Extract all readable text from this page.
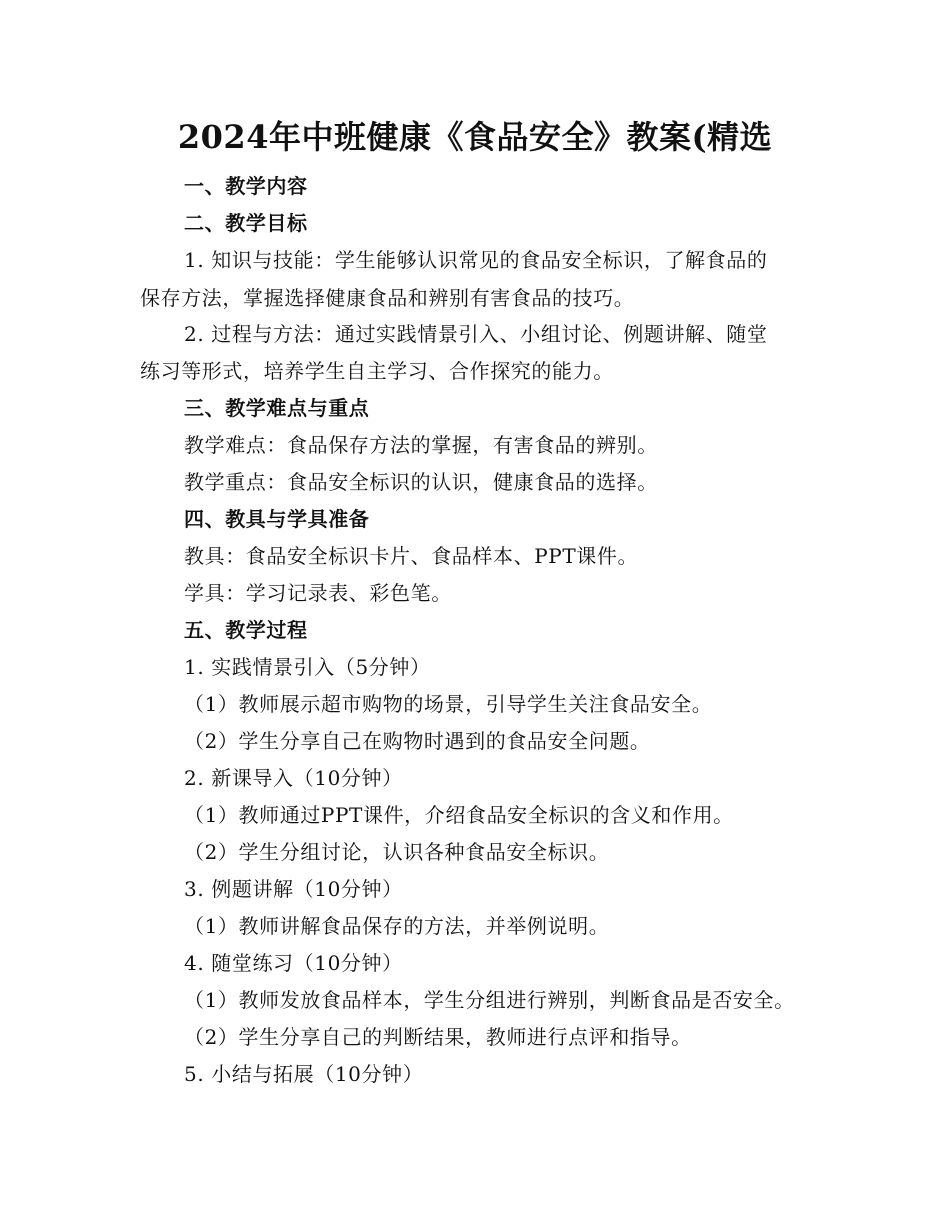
2024年中班健康《食品安全》教案(精选
一、教学内容
二、教学目标
1. 知识与技能：学生能够认识常见的食品安全标识，了解食品的
保存方法，掌握选择健康食品和辨别有害食品的技巧。
2. 过程与方法：通过实践情景引入、小组讨论、例题讲解、随堂
练习等形式，培养学生自主学习、合作探究的能力。
三、教学难点与重点
教学难点：食品保存方法的掌握，有害食品的辨别。
教学重点：食品安全标识的认识，健康食品的选择。
四、教具与学具准备
教具：食品安全标识卡片、食品样本、PPT课件。
学具：学习记录表、彩色笔。
五、教学过程
1. 实践情景引入（5分钟）
（1）教师展示超市购物的场景，引导学生关注食品安全。
（2）学生分享自己在购物时遇到的食品安全问题。
2. 新课导入（10分钟）
（1）教师通过PPT课件，介绍食品安全标识的含义和作用。
（2）学生分组讨论，认识各种食品安全标识。
3. 例题讲解（10分钟）
（1）教师讲解食品保存的方法，并举例说明。
4. 随堂练习（10分钟）
（1）教师发放食品样本，学生分组进行辨别，判断食品是否安全。
（2）学生分享自己的判断结果，教师进行点评和指导。
5. 小结与拓展（10分钟）
